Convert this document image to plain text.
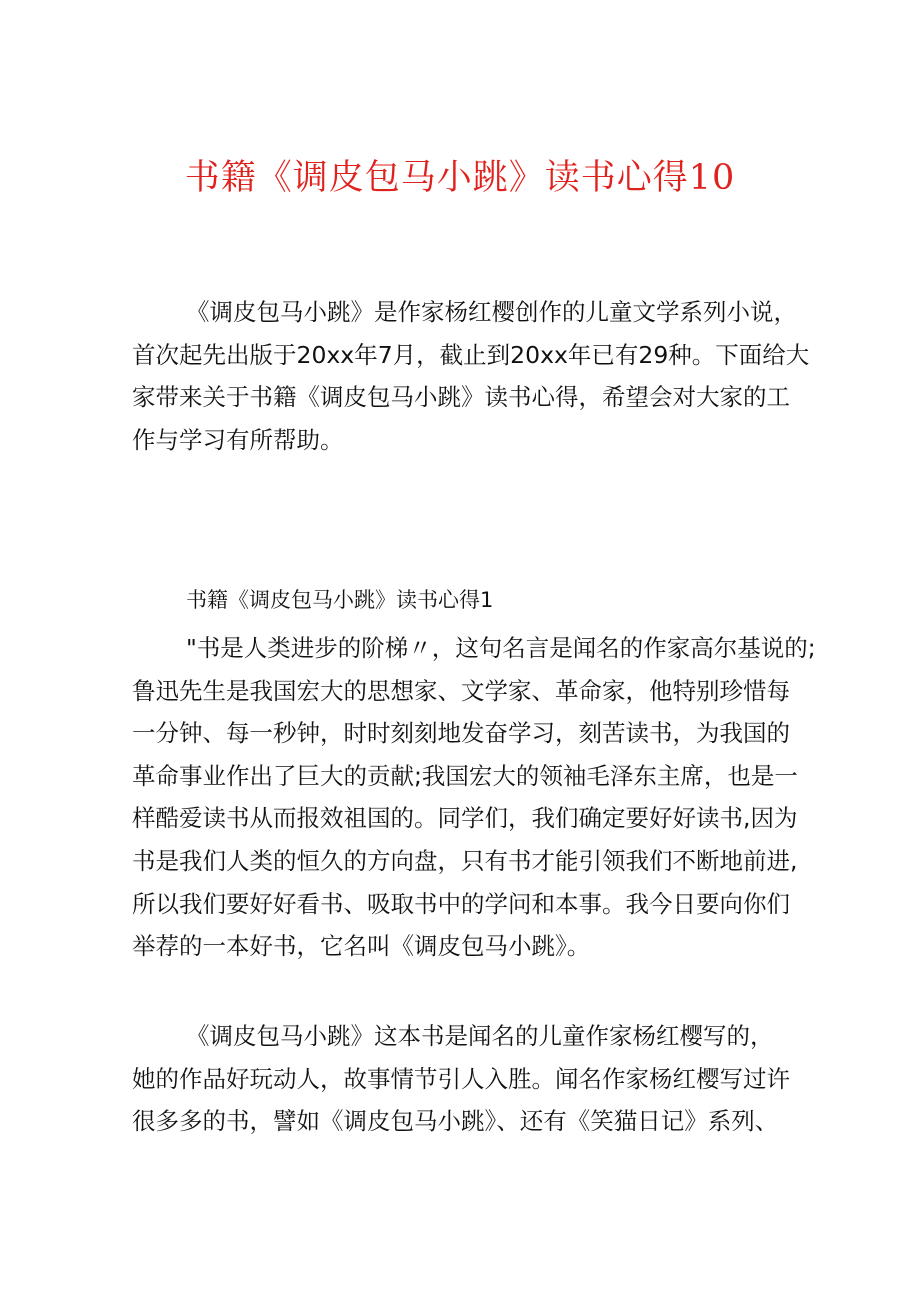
书籍《调皮包马小跳》读书心得10
《调皮包马小跳》是作家杨红樱创作的儿童文学系列小说，
首次起先出版于20xx年7月，截止到20xx年已有29种。下面给大
家带来关于书籍《调皮包马小跳》读书心得，希望会对大家的工
作与学习有所帮助。
书籍《调皮包马小跳》读书心得1
"书是人类进步的阶梯〃，这句名言是闻名的作家高尔基说的;
鲁迅先生是我国宏大的思想家、文学家、革命家，他特别珍惜每
一分钟、每一秒钟，时时刻刻地发奋学习，刻苦读书，为我国的
革命事业作出了巨大的贡献;我国宏大的领袖毛泽东主席，也是一
样酷爱读书从而报效祖国的。同学们，我们确定要好好读书,因为
书是我们人类的恒久的方向盘，只有书才能引领我们不断地前进,
所以我们要好好看书、吸取书中的学问和本事。我今日要向你们
举荐的一本好书，它名叫《调皮包马小跳》。
《调皮包马小跳》这本书是闻名的儿童作家杨红樱写的，
她的作品好玩动人，故事情节引人入胜。闻名作家杨红樱写过许
很多多的书，譬如《调皮包马小跳》、还有《笑猫日记》系列、
